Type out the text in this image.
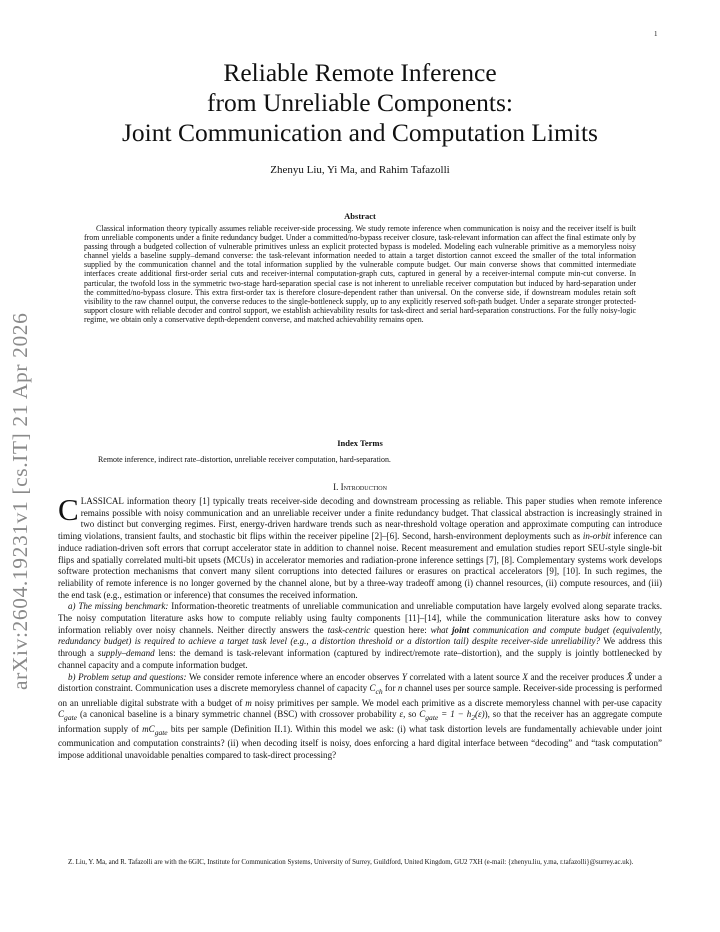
1
arXiv:2604.19231v1 [cs.IT] 21 Apr 2026
Reliable Remote Inference
from Unreliable Components:
Joint Communication and Computation Limits
Zhenyu Liu, Yi Ma, and Rahim Tafazolli
Abstract
Classical information theory typically assumes reliable receiver-side processing. We study remote inference when communication is noisy and the receiver itself is built from unreliable components under a finite redundancy budget. Under a committed/no-bypass receiver closure, task-relevant information can affect the final estimate only by passing through a budgeted collection of vulnerable primitives unless an explicit protected bypass is modeled. Modeling each vulnerable primitive as a memoryless noisy channel yields a baseline supply–demand converse: the task-relevant information needed to attain a target distortion cannot exceed the smaller of the total information supplied by the communication channel and the total information supplied by the vulnerable compute budget. Our main converse shows that committed intermediate interfaces create additional first-order serial cuts and receiver-internal computation-graph cuts, captured in general by a receiver-internal compute min-cut converse. In particular, the twofold loss in the symmetric two-stage hard-separation special case is not inherent to unreliable receiver computation but induced by hard-separation under the committed/no-bypass closure. This extra first-order tax is therefore closure-dependent rather than universal. On the converse side, if downstream modules retain soft visibility to the raw channel output, the converse reduces to the single-bottleneck supply, up to any explicitly reserved soft-path budget. Under a separate stronger protected-support closure with reliable decoder and control support, we establish achievability results for task-direct and serial hard-separation constructions. For the fully noisy-logic regime, we obtain only a conservative depth-dependent converse, and matched achievability remains open.
Index Terms
Remote inference, indirect rate–distortion, unreliable receiver computation, hard-separation.
I. Introduction

CLASSICAL information theory [1] typically treats receiver-side decoding and downstream processing as reliable. This paper studies when remote inference remains possible with noisy communication and an unreliable receiver under a finite redundancy budget. That classical abstraction is increasingly strained in two distinct but converging regimes. First, energy-driven hardware trends such as near-threshold voltage operation and approximate computing can introduce timing violations, transient faults, and stochastic bit flips within the receiver pipeline [2]–[6]. Second, harsh-environment deployments such as in-orbit inference can induce radiation-driven soft errors that corrupt accelerator state in addition to channel noise. Recent measurement and emulation studies report SEU-style single-bit flips and spatially correlated multi-bit upsets (MCUs) in accelerator memories and radiation-prone inference settings [7], [8]. Complementary systems work develops software protection mechanisms that convert many silent corruptions into detected failures or erasures on practical accelerators [9], [10]. In such regimes, the reliability of remote inference is no longer governed by the channel alone, but by a three-way tradeoff among (i) channel resources, (ii) compute resources, and (iii) the end task (e.g., estimation or inference) that consumes the received information.

a) The missing benchmark: Information-theoretic treatments of unreliable communication and unreliable computation have largely evolved along separate tracks. The noisy computation literature asks how to compute reliably using faulty components [11]–[14], while the communication literature asks how to convey information reliably over noisy channels. Neither directly answers the task-centric question here: what joint communication and compute budget (equivalently, redundancy budget) is required to achieve a target task level (e.g., a distortion threshold or a distortion tail) despite receiver-side unreliability? We address this through a supply–demand lens: the demand is task-relevant information (captured by indirect/remote rate–distortion), and the supply is jointly bottlenecked by channel capacity and a compute information budget.

b) Problem setup and questions: We consider remote inference where an encoder observes Y correlated with a latent source X and the receiver produces X̂ under a distortion constraint. Communication uses a discrete memoryless channel of capacity $C_{ch}$ for n channel uses per source sample. Receiver-side processing is performed on an unreliable digital substrate with a budget of m noisy primitives per sample. We model each primitive as a discrete memoryless channel with per-use capacity $C_{gate}$ (a canonical baseline is a binary symmetric channel (BSC) with crossover probability ε, so $C_{gate} = 1 - h_2(\varepsilon)$), so that the receiver has an aggregate compute information supply of $mC_{gate}$ bits per sample (Definition II.1). Within this model we ask: (i) what task distortion levels are fundamentally achievable under joint communication and computation constraints? (ii) when decoding itself is noisy, does enforcing a hard digital interface between “decoding” and “task computation” impose additional unavoidable penalties compared to task-direct processing?

Z. Liu, Y. Ma, and R. Tafazolli are with the 6GIC, Institute for Communication Systems, University of Surrey, Guildford, United Kingdom, GU2 7XH (e-mail: {zhenyu.liu, y.ma, r.tafazolli}@surrey.ac.uk).
